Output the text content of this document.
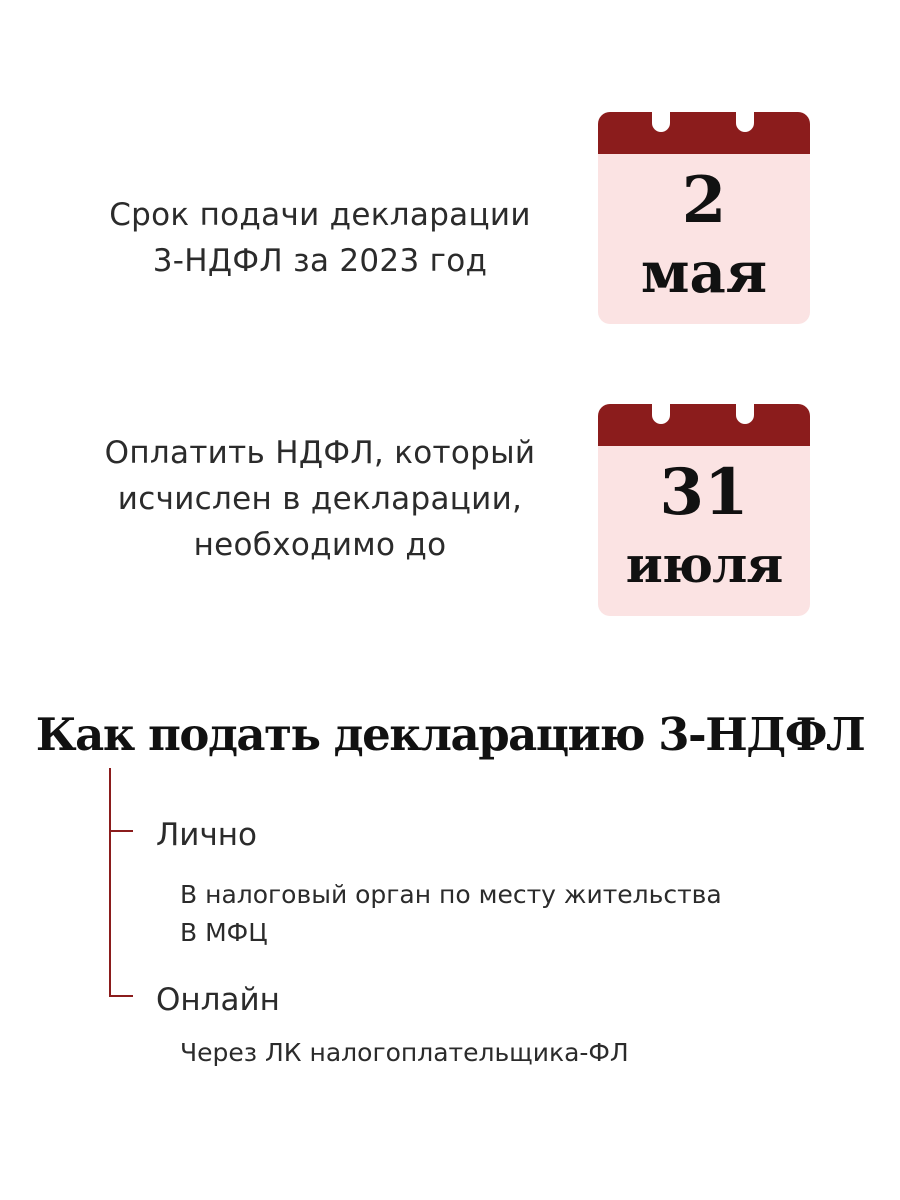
Срок подачи декларации
3-НДФЛ за 2023 год
2
мая
Оплатить НДФЛ, который
исчислен в декларации,
необходимо до
31
июля
Как подать декларацию 3-НДФЛ
Лично
В налоговый орган по месту жительства
В МФЦ
Онлайн
Через ЛК налогоплательщика-ФЛ
